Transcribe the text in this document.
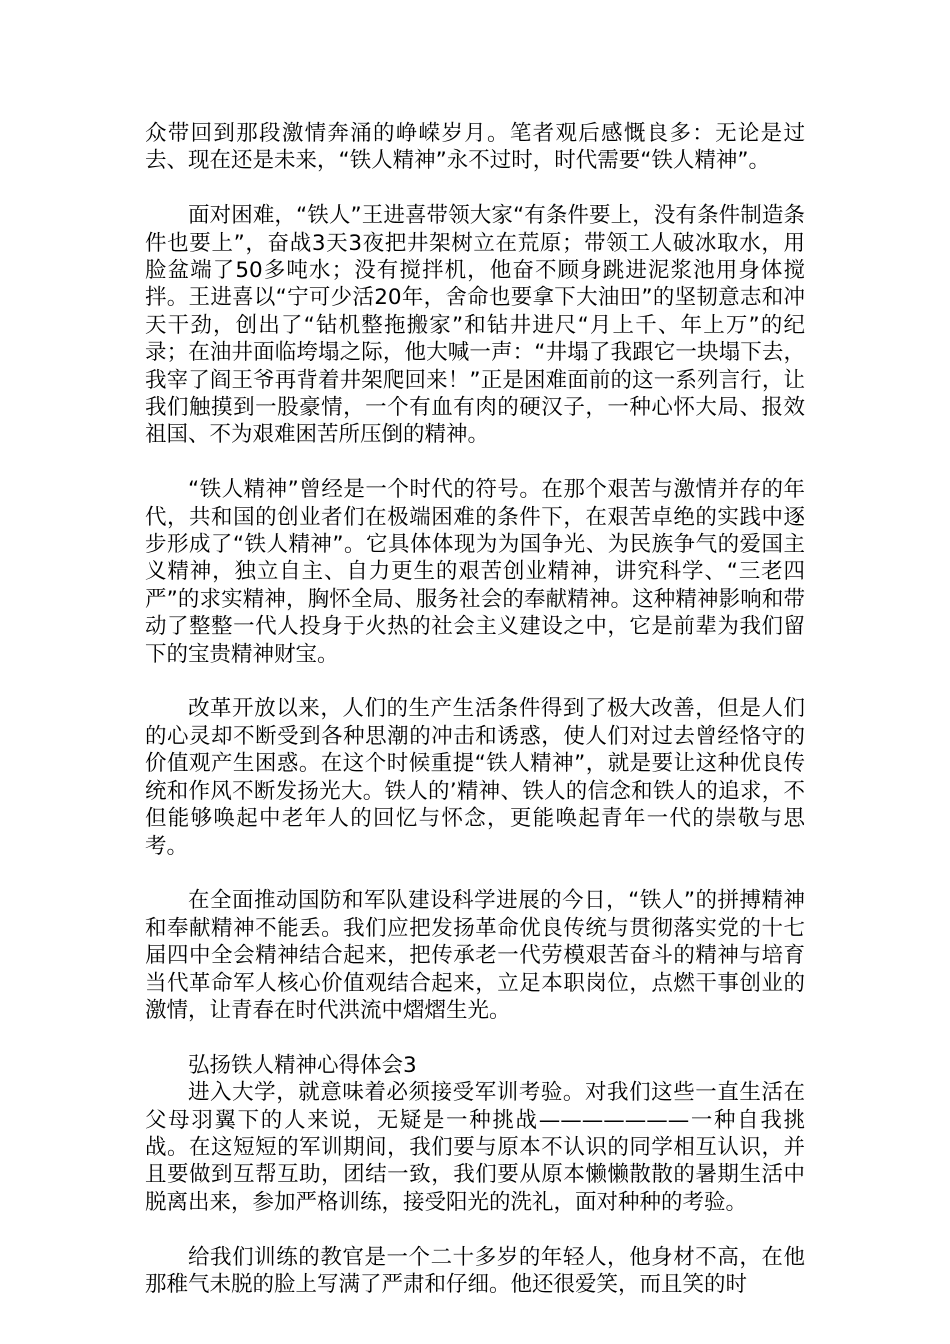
众带回到那段激情奔涌的峥嵘岁月。笔者观后感慨良多：无论是过去、现在还是未来，“铁人精神”永不过时，时代需要“铁人精神”。

面对困难，“铁人”王进喜带领大家“有条件要上，没有条件制造条件也要上”，奋战3天3夜把井架树立在荒原；带领工人破冰取水，用脸盆端了50多吨水；没有搅拌机，他奋不顾身跳进泥浆池用身体搅拌。王进喜以“宁可少活20年，舍命也要拿下大油田”的坚韧意志和冲天干劲，创出了“钻机整拖搬家”和钻井进尺“月上千、年上万”的纪录；在油井面临垮塌之际，他大喊一声：“井塌了我跟它一块塌下去，我宰了阎王爷再背着井架爬回来！”正是困难面前的这一系列言行，让我们触摸到一股豪情，一个有血有肉的硬汉子，一种心怀大局、报效祖国、不为艰难困苦所压倒的精神。

“铁人精神”曾经是一个时代的符号。在那个艰苦与激情并存的年代，共和国的创业者们在极端困难的条件下，在艰苦卓绝的实践中逐步形成了“铁人精神”。它具体体现为为国争光、为民族争气的爱国主义精神，独立自主、自力更生的艰苦创业精神，讲究科学、“三老四严”的求实精神，胸怀全局、服务社会的奉献精神。这种精神影响和带动了整整一代人投身于火热的社会主义建设之中，它是前辈为我们留下的宝贵精神财宝。

改革开放以来，人们的生产生活条件得到了极大改善，但是人们的心灵却不断受到各种思潮的冲击和诱惑，使人们对过去曾经恪守的价值观产生困惑。在这个时候重提“铁人精神”，就是要让这种优良传统和作风不断发扬光大。铁人的’精神、铁人的信念和铁人的追求，不但能够唤起中老年人的回忆与怀念，更能唤起青年一代的崇敬与思考。

在全面推动国防和军队建设科学进展的今日，“铁人”的拼搏精神和奉献精神不能丢。我们应把发扬革命优良传统与贯彻落实党的十七届四中全会精神结合起来，把传承老一代劳模艰苦奋斗的精神与培育当代革命军人核心价值观结合起来，立足本职岗位，点燃干事创业的激情，让青春在时代洪流中熠熠生光。

弘扬铁人精神心得体会3

进入大学，就意味着必须接受军训考验。对我们这些一直生活在父母羽翼下的人来说，无疑是一种挑战———————一种自我挑战。在这短短的军训期间，我们要与原本不认识的同学相互认识，并且要做到互帮互助，团结一致，我们要从原本懒懒散散的暑期生活中脱离出来，参加严格训练，接受阳光的洗礼，面对种种的考验。

给我们训练的教官是一个二十多岁的年轻人，他身材不高，在他那稚气未脱的脸上写满了严肃和仔细。他还很爱笑，而且笑的时
